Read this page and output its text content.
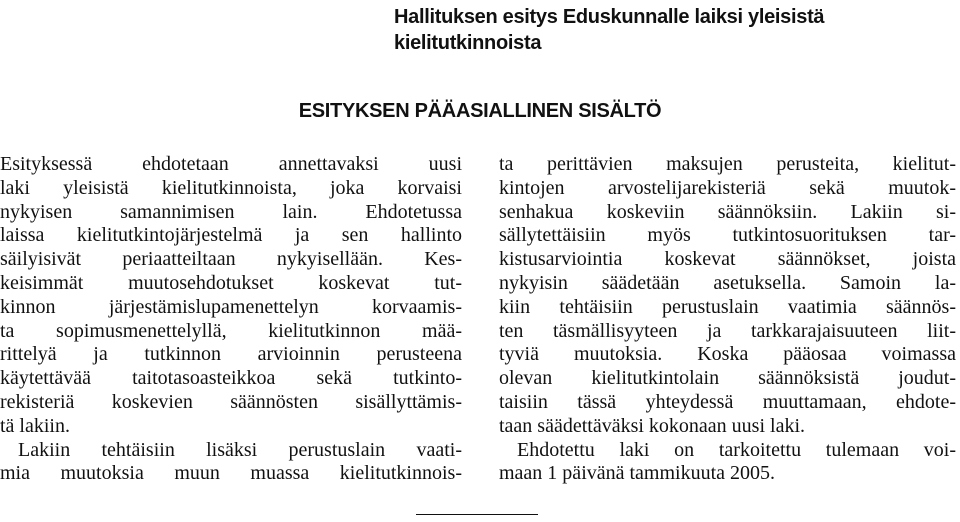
Hallituksen esitys Eduskunnalle laiksi yleisistä kielitutkinnoista
ESITYKSEN PÄÄASIALLINEN SISÄLTÖ

Esityksessä ehdotetaan annettavaksi uusi
laki yleisistä kielitutkinnoista, joka korvaisi
nykyisen samannimisen lain. Ehdotetussa
laissa kielitutkintojärjestelmä ja sen hallinto
säilyisivät periaatteiltaan nykyisellään. Kes-
keisimmät muutosehdotukset koskevat tut-
kinnon järjestämislupamenettelyn korvaamis-
ta sopimusmenettelyllä, kielitutkinnon mää-
rittelyä ja tutkinnon arvioinnin perusteena
käytettävää taitotasoasteikkoa sekä tutkinto-
rekisteriä koskevien säännösten sisällyttämis-
tä lakiin.

Lakiin tehtäisiin lisäksi perustuslain vaati-
mia muutoksia muun muassa kielitutkinnois-

ta perittävien maksujen perusteita, kielitut-
kintojen arvostelijarekisteriä sekä muutok-
senhakua koskeviin säännöksiin. Lakiin si-
sällytettäisiin myös tutkintosuorituksen tar-
kistusarviointia koskevat säännökset, joista
nykyisin säädetään asetuksella. Samoin la-
kiin tehtäisiin perustuslain vaatimia säännös-
ten täsmällisyyteen ja tarkkarajaisuuteen liit-
tyviä muutoksia. Koska pääosaa voimassa
olevan kielitutkintolain säännöksistä joudut-
taisiin tässä yhteydessä muuttamaan, ehdote-
taan säädettäväksi kokonaan uusi laki.

Ehdotettu laki on tarkoitettu tulemaan voi-
maan 1 päivänä tammikuuta 2005.
